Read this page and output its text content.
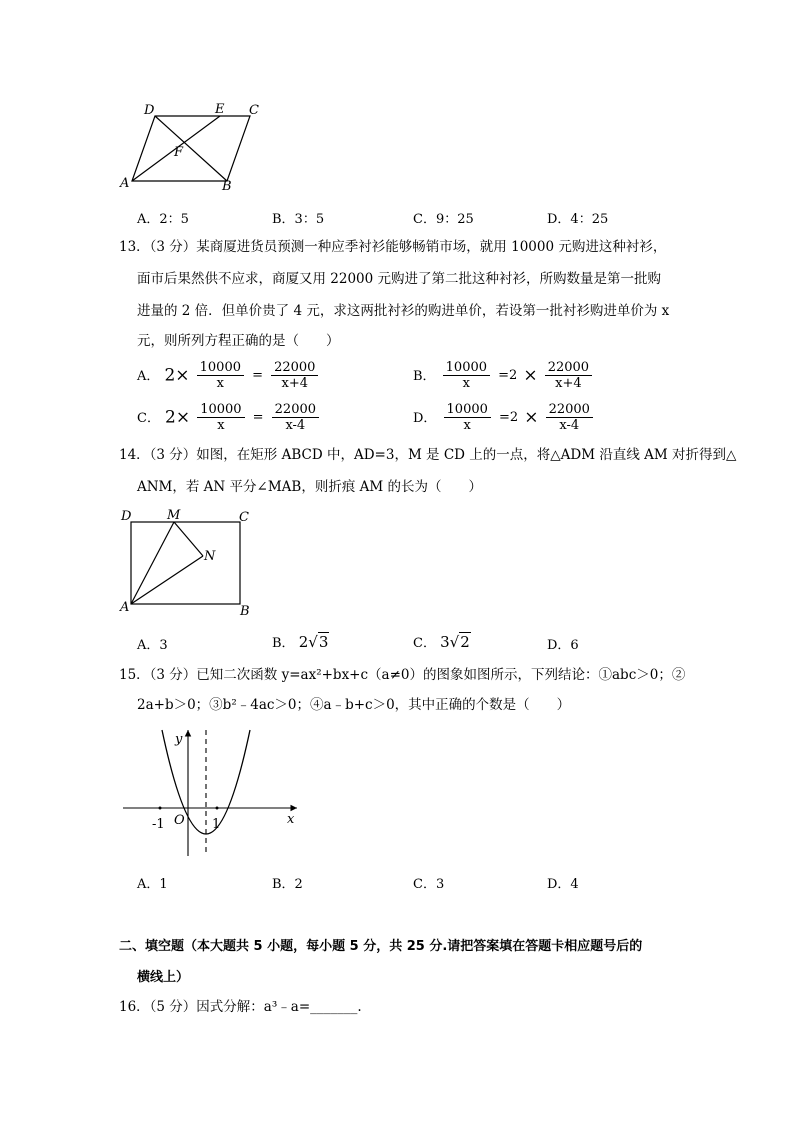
D	E C
F
A	B
A．2：5	B．3：5	C．9：25	D．4：25
13．（3 分）某商厦进货员预测一种应季衬衫能够畅销市场，就用 10000 元购进这种衬衫，
面市后果然供不应求，商厦又用 22000 元购进了第二批这种衬衫，所购数量是第一批购
进量的 2 倍．但单价贵了 4 元，求这两批衬衫的购进单价，若设第一批衬衫购进单价为 x
元，则所列方程正确的是（　　）
A． $2\times \frac{10000}{x} = \frac{22000}{x+4}$	B． $\frac{10000}{x} =2 \times \frac{22000}{x+4}$
C． $2\times \frac{10000}{x} = \frac{22000}{x-4}$	D． $\frac{10000}{x} =2 \times \frac{22000}{x-4}$
14．（3 分）如图，在矩形 ABCD 中，AD=3，M 是 CD 上的一点，将△ADM 沿直线 AM 对折得到△
ANM，若 AN 平分∠MAB，则折痕 AM 的长为（　　）
D	M	C
N
A	B
A．3	B． 2√3	C． 3√2	D．6
15．（3 分）已知二次函数 y=ax²+bx+c（a≠0）的图象如图所示，下列结论：①abc＞0；②
2a+b＞0；③b²﹣4ac＞0；④a﹣b+c＞0，其中正确的个数是（　　）
y
x
O
-1	1
A．1	B．2	C．3	D．4
二、填空题（本大题共 5 小题，每小题 5 分，共 25 分.请把答案填在答题卡相应题号后的
横线上）
16．（5 分）因式分解：a³﹣a=_______.
